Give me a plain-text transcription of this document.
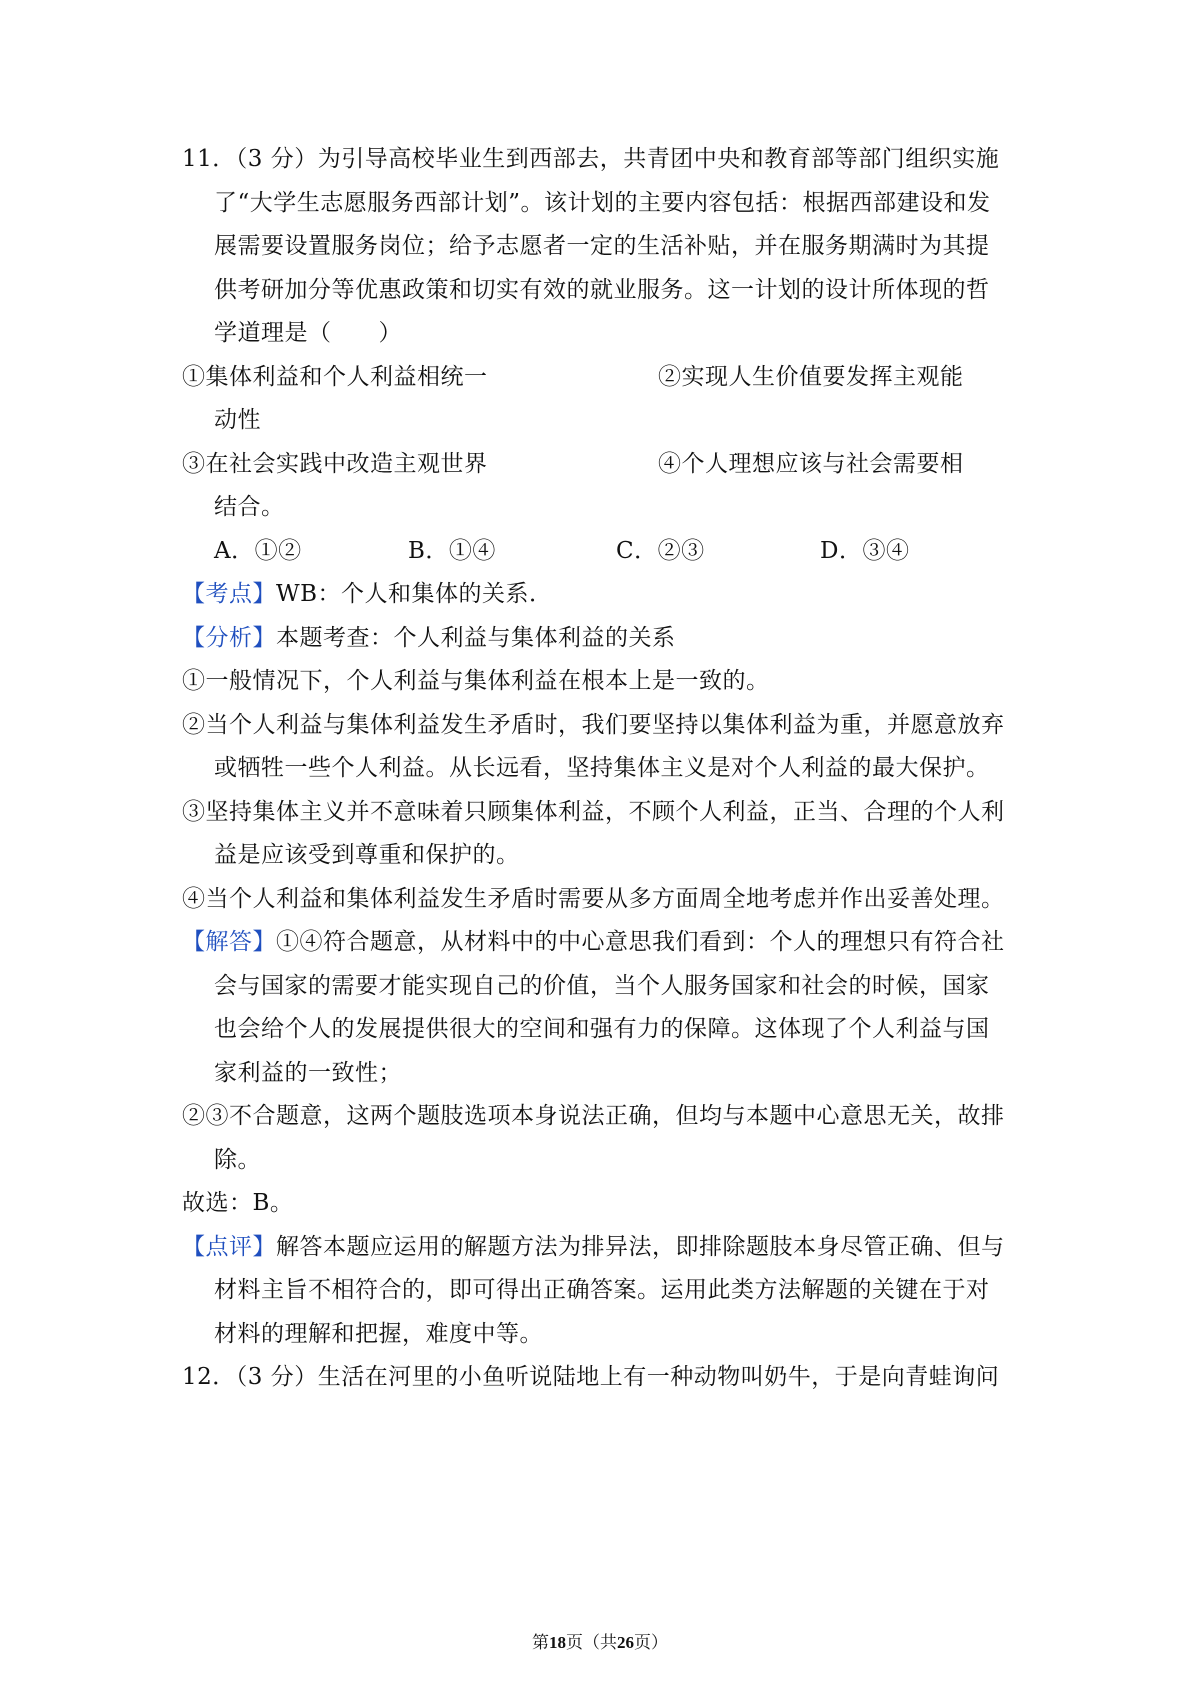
11．（3 分）为引导高校毕业生到西部去，共青团中央和教育部等部门组织实施
了“大学生志愿服务西部计划”。该计划的主要内容包括：根据西部建设和发
展需要设置服务岗位；给予志愿者一定的生活补贴，并在服务期满时为其提
供考研加分等优惠政策和切实有效的就业服务。这一计划的设计所体现的哲
学道理是（　　）
①集体利益和个人利益相统一	②实现人生价值要发挥主观能
动性
③在社会实践中改造主观世界	④个人理想应该与社会需要相
结合。
A．①②	B．①④	C．②③	D．③④
【考点】WB：个人和集体的关系．
【分析】本题考查：个人利益与集体利益的关系
①一般情况下，个人利益与集体利益在根本上是一致的。
②当个人利益与集体利益发生矛盾时，我们要坚持以集体利益为重，并愿意放弃
或牺牲一些个人利益。从长远看，坚持集体主义是对个人利益的最大保护。
③坚持集体主义并不意味着只顾集体利益，不顾个人利益，正当、合理的个人利
益是应该受到尊重和保护的。
④当个人利益和集体利益发生矛盾时需要从多方面周全地考虑并作出妥善处理。
【解答】①④符合题意，从材料中的中心意思我们看到：个人的理想只有符合社
会与国家的需要才能实现自己的价值，当个人服务国家和社会的时候，国家
也会给个人的发展提供很大的空间和强有力的保障。这体现了个人利益与国
家利益的一致性；
②③不合题意，这两个题肢选项本身说法正确，但均与本题中心意思无关，故排
除。
故选：B。
【点评】解答本题应运用的解题方法为排异法，即排除题肢本身尽管正确、但与
材料主旨不相符合的，即可得出正确答案。运用此类方法解题的关键在于对
材料的理解和把握，难度中等。
12．（3 分）生活在河里的小鱼听说陆地上有一种动物叫奶牛，于是向青蛙询问
第18页（共26页）
